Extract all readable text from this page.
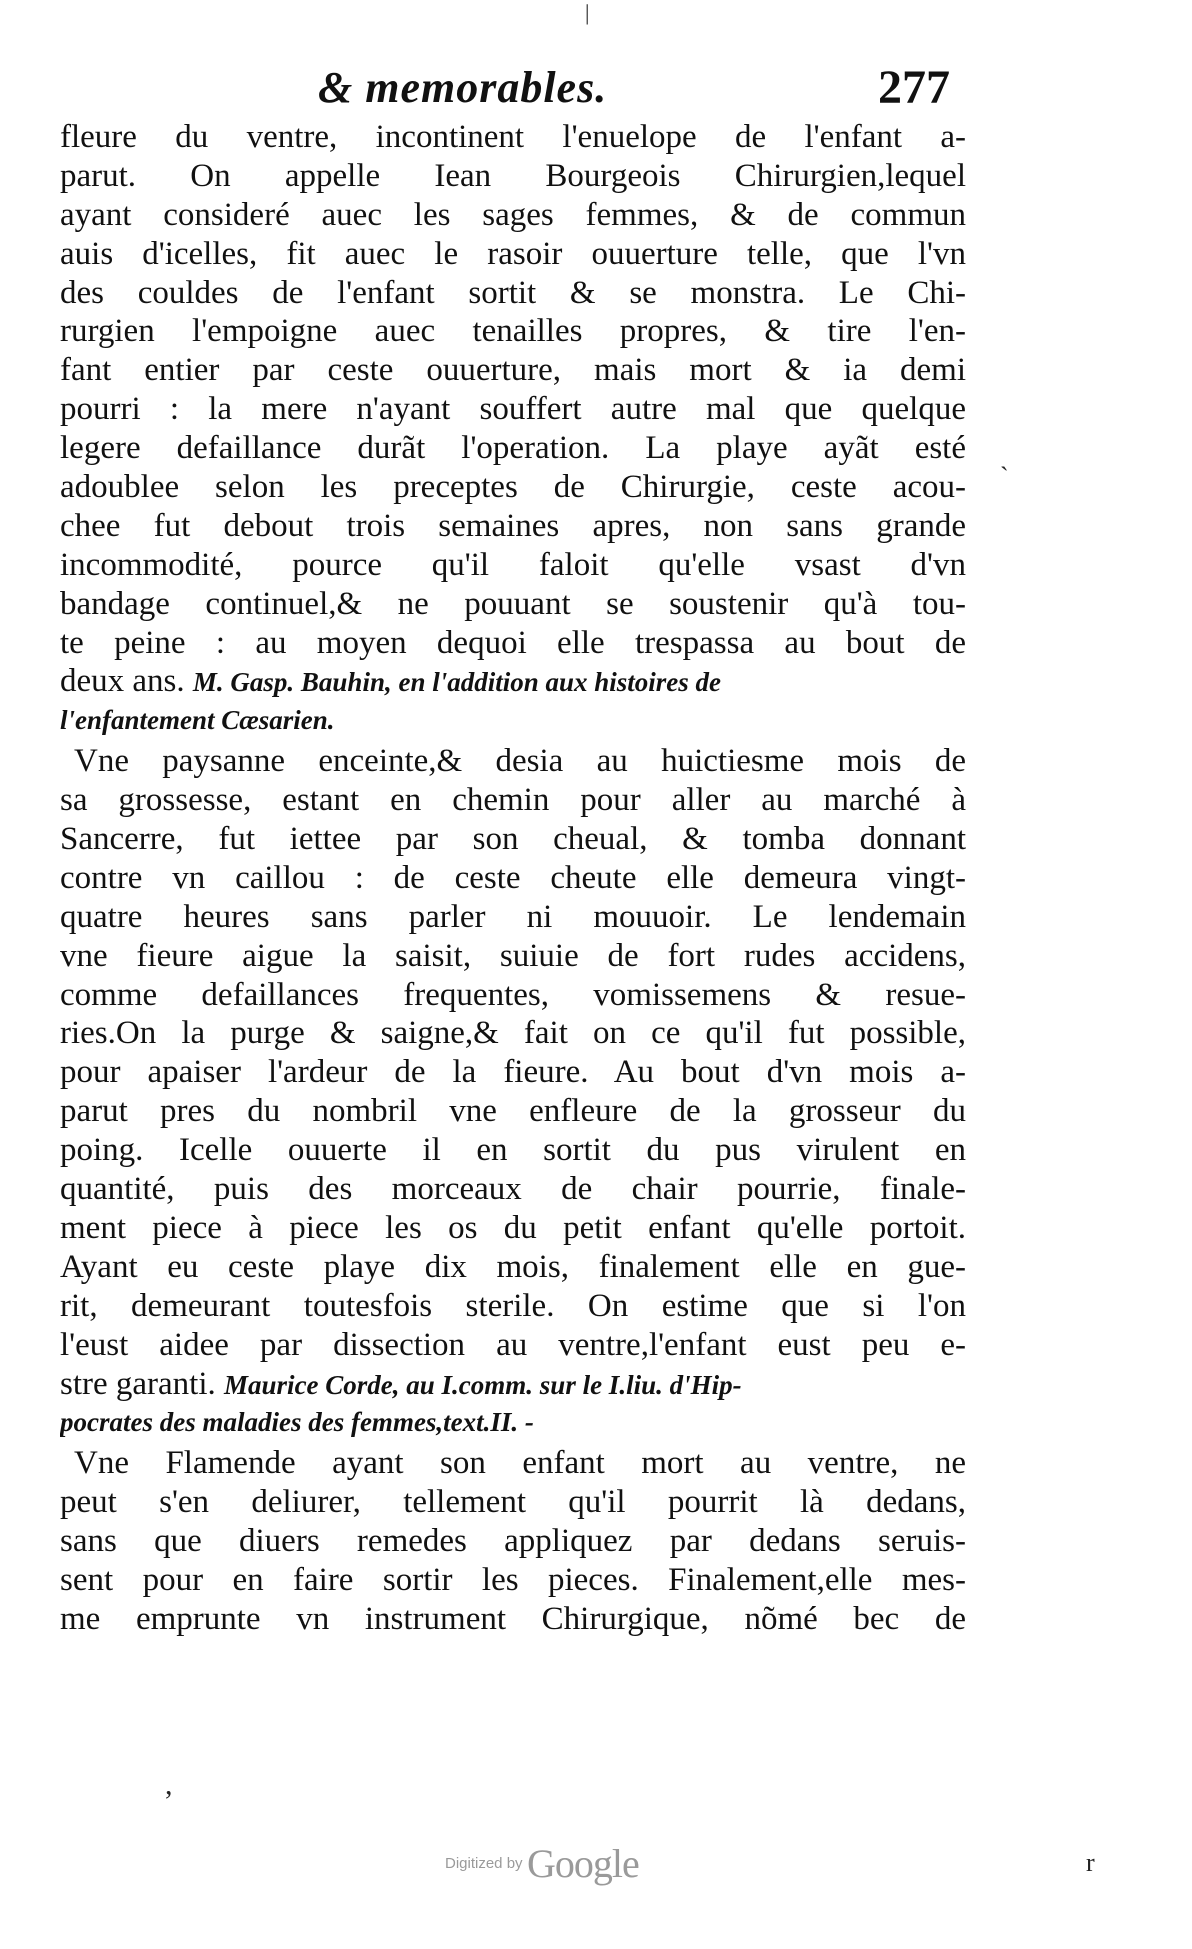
& memorables.	277
fleure du ventre, incontinent l'enuelope de l'enfant a-
parut. On appelle Iean Bourgeois Chirurgien,lequel
ayant consideré auec les sages femmes, & de commun
auis d'icelles, fit auec le rasoir ouuerture telle, que l'vn
des couldes de l'enfant sortit & se monstra. Le Chi-
rurgien l'empoigne auec tenailles propres, & tire l'en-
fant entier par ceste ouuerture, mais mort & ia demi
pourri : la mere n'ayant souffert autre mal que quelque
legere defaillance durãt l'operation. La playe ayãt esté
adoublee selon les preceptes de Chirurgie, ceste acou-
chee fut debout trois semaines apres, non sans grande
incommodité, pource qu'il faloit qu'elle vsast d'vn
bandage continuel,& ne pouuant se soustenir qu'à tou-
te peine : au moyen dequoi elle trespassa au bout de
deux ans. M. Gasp. Bauhin, en l'addition aux histoires de
l'enfantement Cæsarien.
Vne paysanne enceinte,& desia au huictiesme mois de
sa grossesse, estant en chemin pour aller au marché à
Sancerre, fut iettee par son cheual, & tomba donnant
contre vn caillou : de ceste cheute elle demeura vingt-
quatre heures sans parler ni mouuoir. Le lendemain
vne fieure aigue la saisit, suiuie de fort rudes accidens,
comme defaillances frequentes, vomissemens & resue-
ries.On la purge & saigne,& fait on ce qu'il fut possible,
pour apaiser l'ardeur de la fieure. Au bout d'vn mois a-
parut pres du nombril vne enfleure de la grosseur du
poing. Icelle ouuerte il en sortit du pus virulent en
quantité, puis des morceaux de chair pourrie, finale-
ment piece à piece les os du petit enfant qu'elle portoit.
Ayant eu ceste playe dix mois, finalement elle en gue-
rit, demeurant toutesfois sterile. On estime que si l'on
l'eust aidee par dissection au ventre,l'enfant eust peu e-
stre garanti. Maurice Corde, au I.comm. sur le I.liu. d'Hip-
pocrates des maladies des femmes,text.II. -
Vne Flamende ayant son enfant mort au ventre, ne
peut s'en deliurer, tellement qu'il pourrit là dedans,
sans que diuers remedes appliquez par dedans seruis-
sent pour en faire sortir les pieces. Finalement,elle mes-
me emprunte vn instrument Chirurgique, nõmé bec de
|
`
,
r
Digitized by Google
